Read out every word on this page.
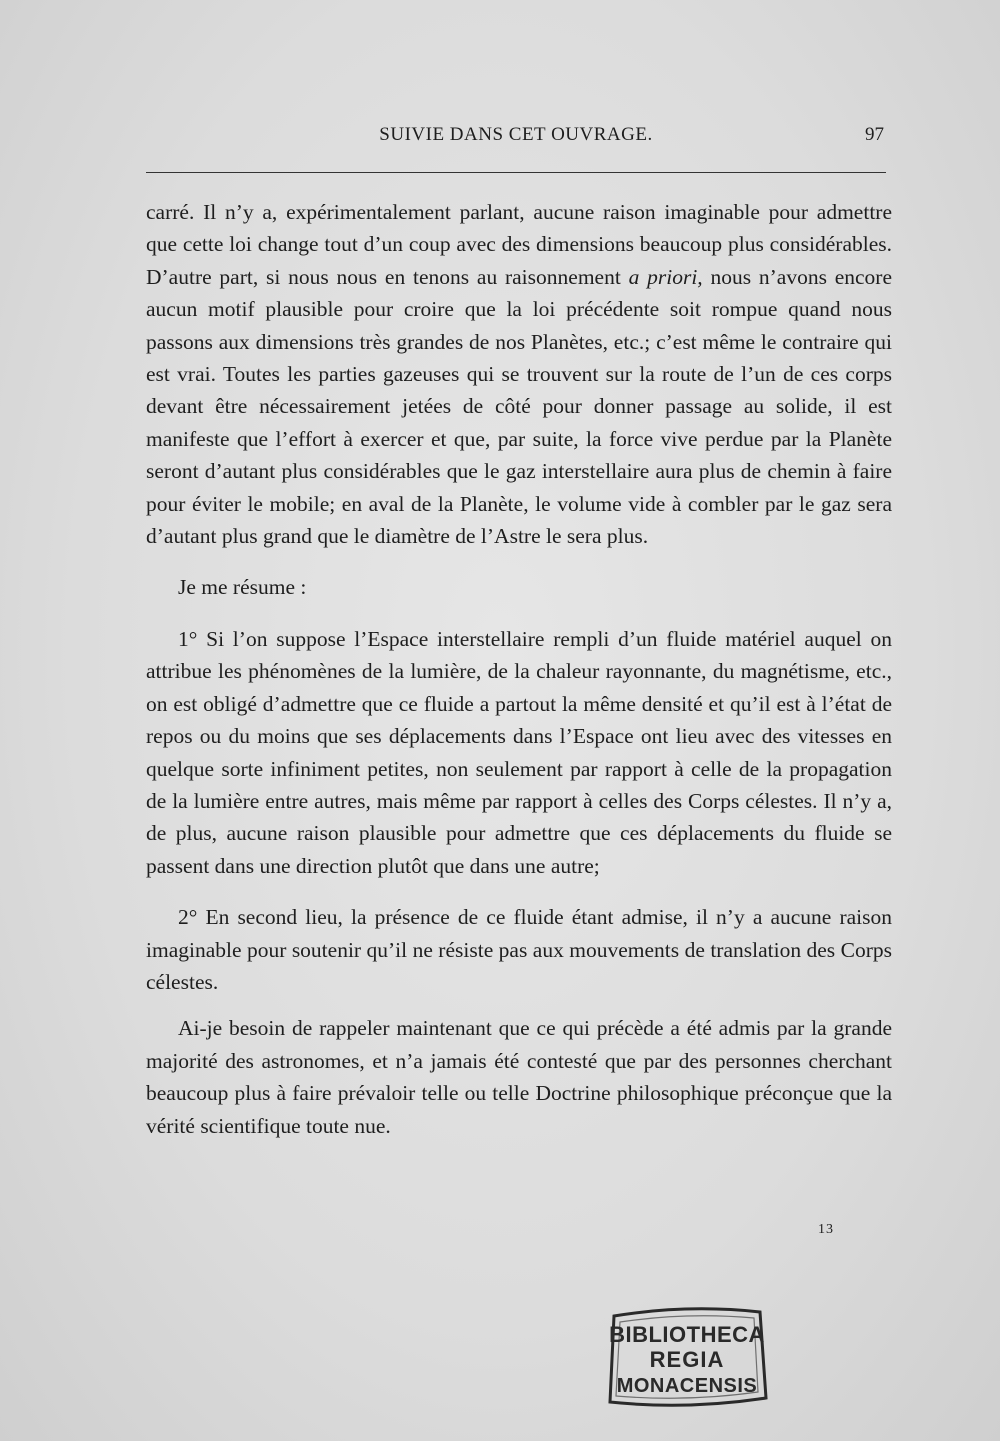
SUIVIE DANS CET OUVRAGE.	97

carré. Il n’y a, expérimentalement parlant, aucune raison imaginable pour admettre que cette loi change tout d’un coup avec des dimensions beaucoup plus considérables. D’autre part, si nous nous en tenons au raisonnement a priori, nous n’avons encore aucun motif plausible pour croire que la loi précédente soit rompue quand nous passons aux dimensions très grandes de nos Planètes, etc.; c’est même le contraire qui est vrai. Toutes les parties gazeuses qui se trouvent sur la route de l’un de ces corps devant être nécessairement jetées de côté pour donner passage au solide, il est manifeste que l’effort à exercer et que, par suite, la force vive perdue par la Planète seront d’autant plus considérables que le gaz interstellaire aura plus de chemin à faire pour éviter le mobile; en aval de la Planète, le volume vide à combler par le gaz sera d’autant plus grand que le diamètre de l’Astre le sera plus.

Je me résume :

1° Si l’on suppose l’Espace interstellaire rempli d’un fluide matériel auquel on attribue les phénomènes de la lumière, de la chaleur rayonnante, du magnétisme, etc., on est obligé d’admettre que ce fluide a partout la même densité et qu’il est à l’état de repos ou du moins que ses déplacements dans l’Espace ont lieu avec des vitesses en quelque sorte infiniment petites, non seulement par rapport à celle de la propagation de la lumière entre autres, mais même par rapport à celles des Corps célestes. Il n’y a, de plus, aucune raison plausible pour admettre que ces déplacements du fluide se passent dans une direction plutôt que dans une autre;

2° En second lieu, la présence de ce fluide étant admise, il n’y a aucune raison imaginable pour soutenir qu’il ne résiste pas aux mouvements de translation des Corps célestes.

Ai-je besoin de rappeler maintenant que ce qui précède a été admis par la grande majorité des astronomes, et n’a jamais été contesté que par des personnes cherchant beaucoup plus à faire prévaloir telle ou telle Doctrine philosophique préconçue que la vérité scientifique toute nue.

13
BIBLIOTHECA
REGIA
MONACENSIS
